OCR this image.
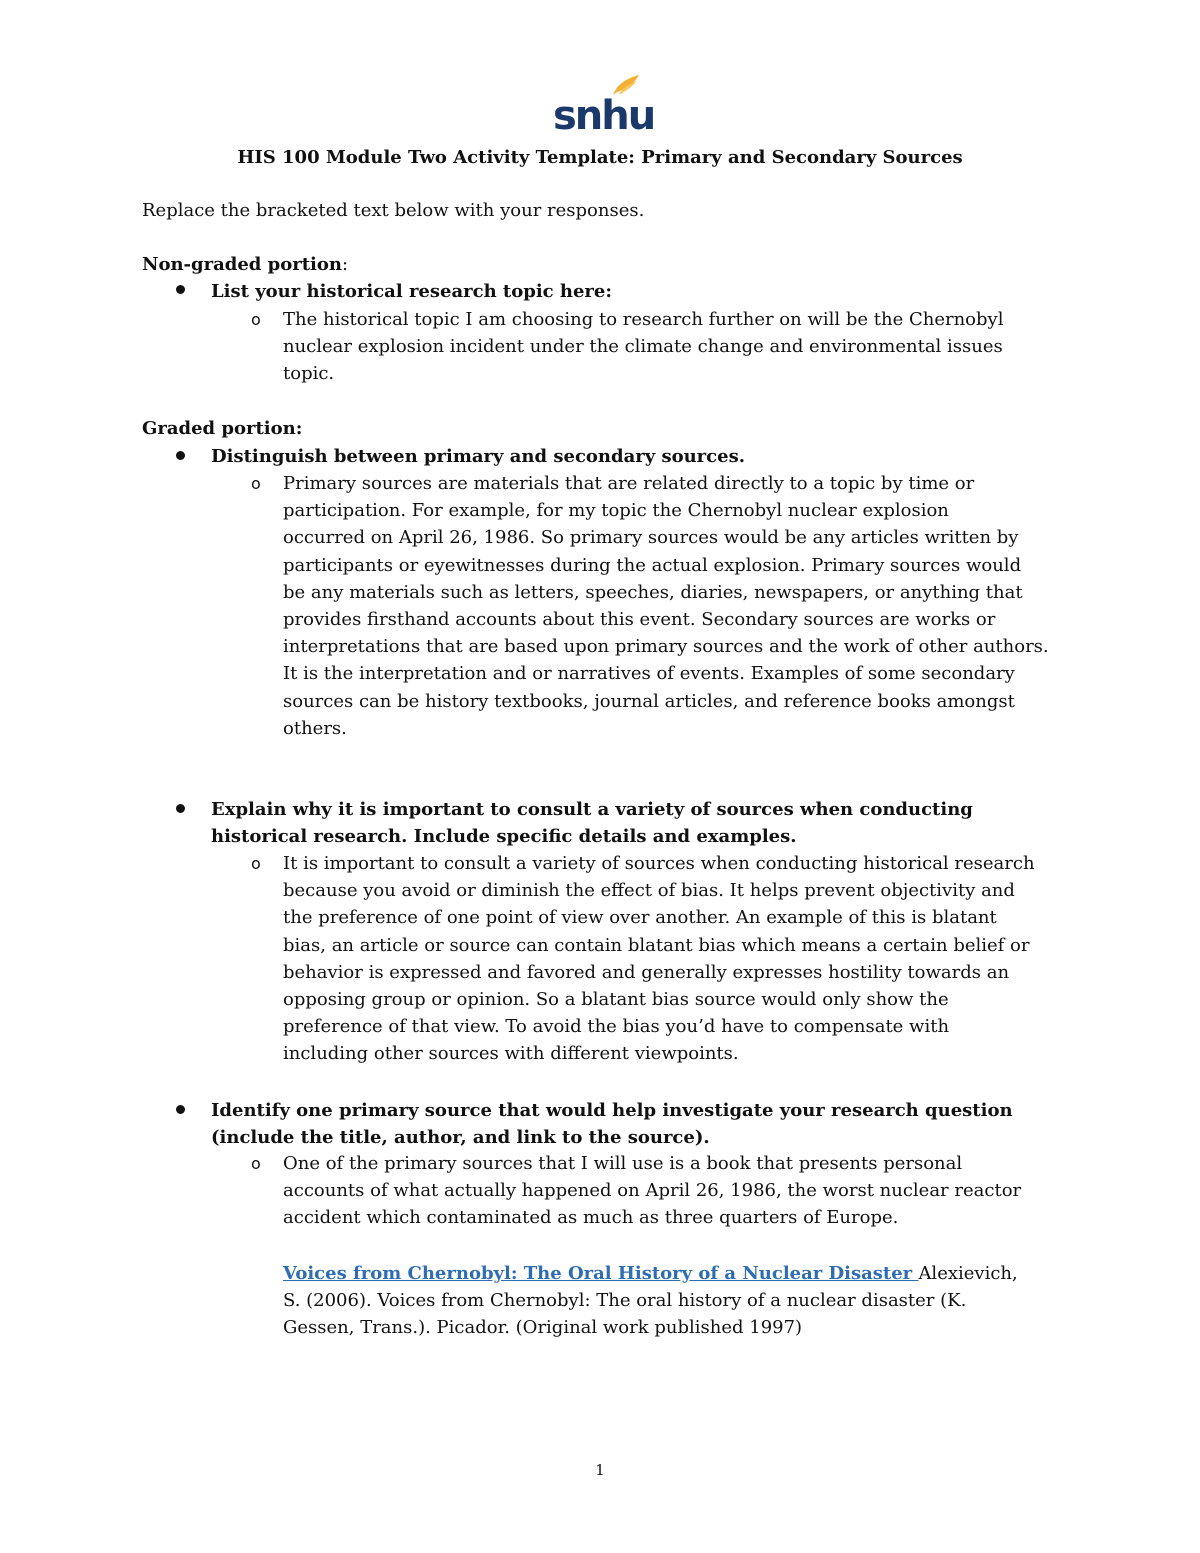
snhu
HIS 100 Module Two Activity Template: Primary and Secondary Sources
Replace the bracketed text below with your responses.
Non-graded portion:
List your historical research topic here:
o The historical topic I am choosing to research further on will be the Chernobyl
nuclear explosion incident under the climate change and environmental issues
topic.
Graded portion:
Distinguish between primary and secondary sources.
o Primary sources are materials that are related directly to a topic by time or
participation. For example, for my topic the Chernobyl nuclear explosion
occurred on April 26, 1986. So primary sources would be any articles written by
participants or eyewitnesses during the actual explosion. Primary sources would
be any materials such as letters, speeches, diaries, newspapers, or anything that
provides firsthand accounts about this event. Secondary sources are works or
interpretations that are based upon primary sources and the work of other authors.
It is the interpretation and or narratives of events. Examples of some secondary
sources can be history textbooks, journal articles, and reference books amongst
others.
Explain why it is important to consult a variety of sources when conducting
historical research. Include specific details and examples.
o It is important to consult a variety of sources when conducting historical research
because you avoid or diminish the effect of bias. It helps prevent objectivity and
the preference of one point of view over another. An example of this is blatant
bias, an article or source can contain blatant bias which means a certain belief or
behavior is expressed and favored and generally expresses hostility towards an
opposing group or opinion. So a blatant bias source would only show the
preference of that view. To avoid the bias you’d have to compensate with
including other sources with different viewpoints.
Identify one primary source that would help investigate your research question
(include the title, author, and link to the source).
o One of the primary sources that I will use is a book that presents personal
accounts of what actually happened on April 26, 1986, the worst nuclear reactor
accident which contaminated as much as three quarters of Europe.
Voices from Chernobyl: The Oral History of a Nuclear Disaster Alexievich,
S. (2006). Voices from Chernobyl: The oral history of a nuclear disaster (K.
Gessen, Trans.). Picador. (Original work published 1997)
1
